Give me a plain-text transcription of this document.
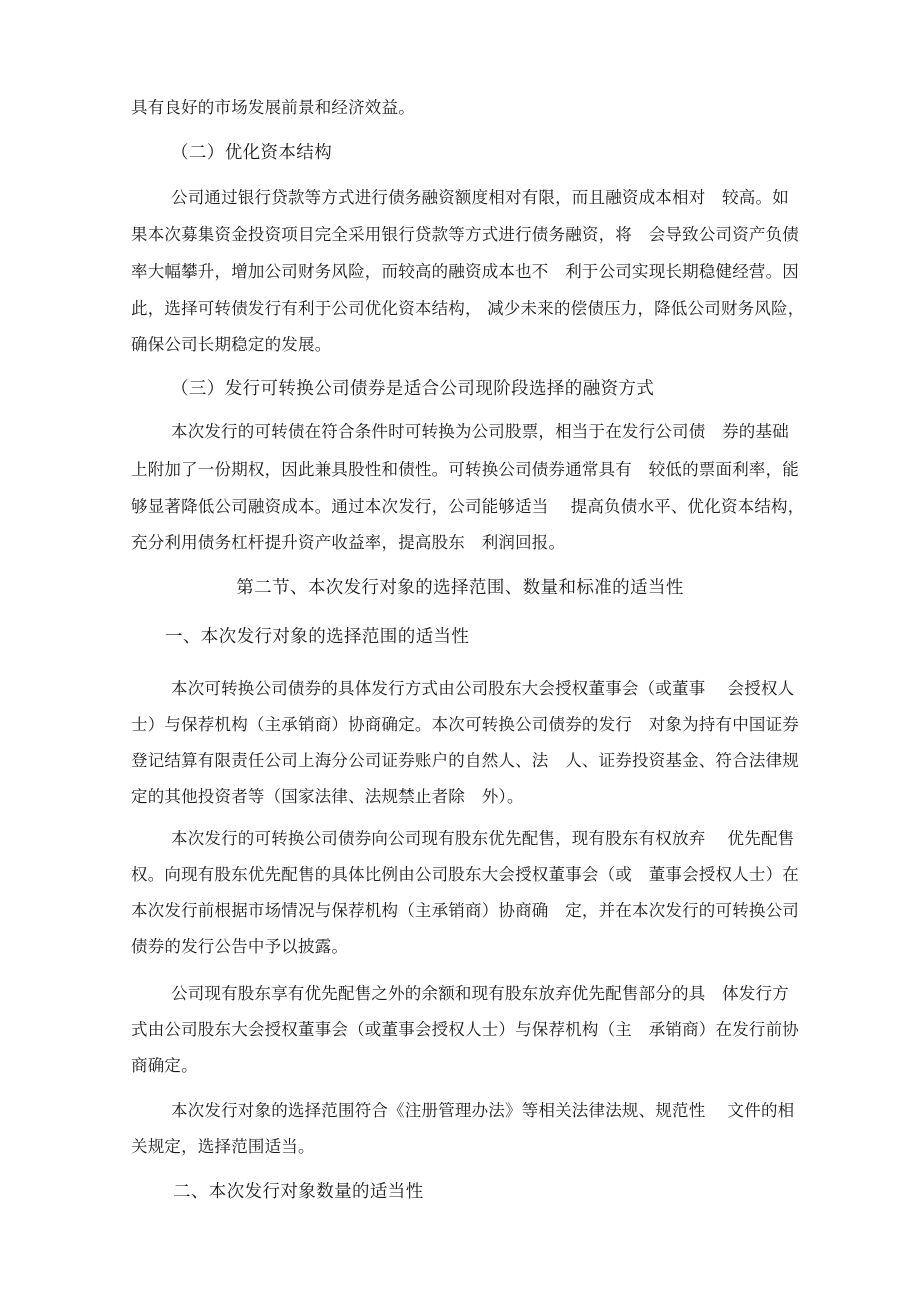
具有良好的市场发展前景和经济效益。
（二）优化资本结构
公司通过银行贷款等方式进行债务融资额度相对有限，而且融资成本相对　较高。如
果本次募集资金投资项目完全采用银行贷款等方式进行债务融资，将　会导致公司资产负债
率大幅攀升，增加公司财务风险，而较高的融资成本也不　利于公司实现长期稳健经营。因
此，选择可转债发行有利于公司优化资本结构， 减少未来的偿债压力，降低公司财务风险，
确保公司长期稳定的发展。
（三）发行可转换公司债券是适合公司现阶段选择的融资方式
本次发行的可转债在符合条件时可转换为公司股票，相当于在发行公司债　券的基础
上附加了一份期权，因此兼具股性和债性。可转换公司债券通常具有　较低的票面利率，能
够显著降低公司融资成本。通过本次发行，公司能够适当　 提高负债水平、优化资本结构，
充分利用债务杠杆提升资产收益率，提高股东　利润回报。
第二节、本次发行对象的选择范围、数量和标准的适当性
一、本次发行对象的选择范围的适当性
本次可转换公司债券的具体发行方式由公司股东大会授权董事会（或董事　 会授权人
士）与保荐机构（主承销商）协商确定。本次可转换公司债券的发行　对象为持有中国证券
登记结算有限责任公司上海分公司证券账户的自然人、法　人、证券投资基金、符合法律规
定的其他投资者等（国家法律、法规禁止者除　外）。
本次发行的可转换公司债券向公司现有股东优先配售，现有股东有权放弃　 优先配售
权。向现有股东优先配售的具体比例由公司股东大会授权董事会（或　董事会授权人士）在
本次发行前根据市场情况与保荐机构（主承销商）协商确　定，并在本次发行的可转换公司
债券的发行公告中予以披露。
公司现有股东享有优先配售之外的余额和现有股东放弃优先配售部分的具　体发行方
式由公司股东大会授权董事会（或董事会授权人士）与保荐机构（主　承销商）在发行前协
商确定。
本次发行对象的选择范围符合《注册管理办法》等相关法律法规、规范性　 文件的相
关规定，选择范围适当。
二、本次发行对象数量的适当性
